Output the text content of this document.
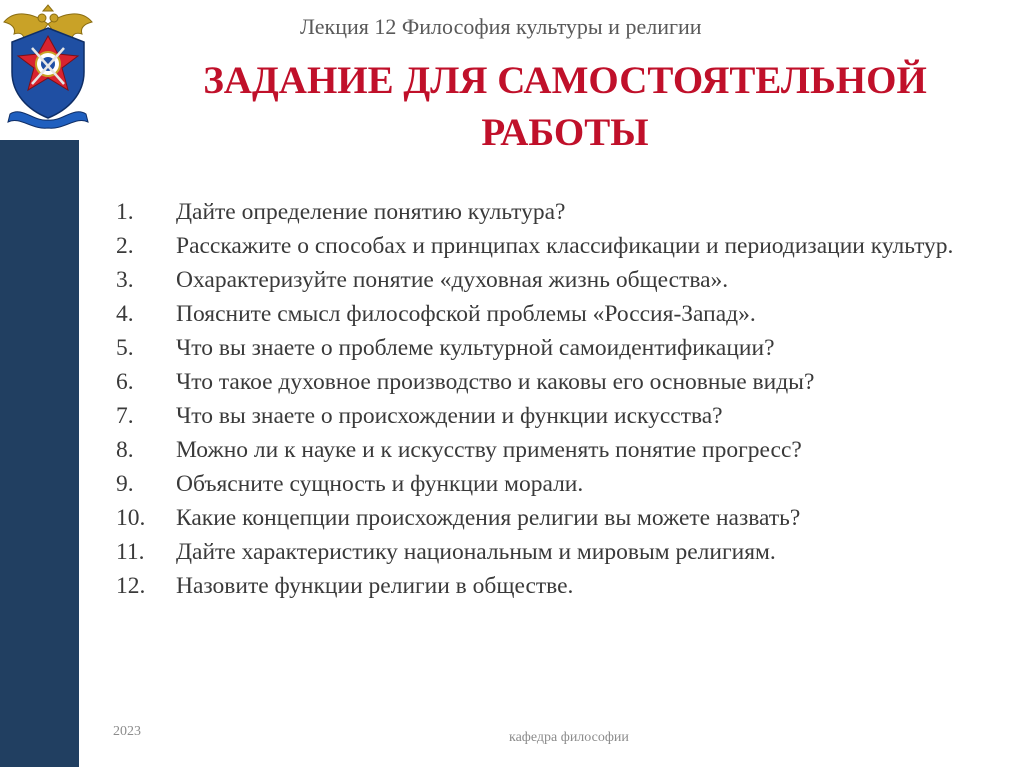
Лекция 12 Философия культуры и религии
ЗАДАНИЕ ДЛЯ САМОСТОЯТЕЛЬНОЙ
РАБОТЫ
1.	Дайте определение понятию культура?
2.	Расскажите о способах и принципах классификации и периодизации культур.
3.	Охарактеризуйте понятие «духовная жизнь общества».
4.	Поясните смысл философской проблемы «Россия-Запад».
5.	Что вы знаете о проблеме культурной самоидентификации?
6.	Что такое духовное производство и каковы его основные виды?
7.	Что вы знаете о происхождении и функции искусства?
8.	Можно ли к науке и к искусству применять понятие прогресс?
9.	Объясните сущность и функции морали.
10.	Какие концепции происхождения религии вы можете назвать?
11.	Дайте характеристику национальным и мировым религиям.
12.	Назовите функции религии в обществе.
2023	кафедра философии
